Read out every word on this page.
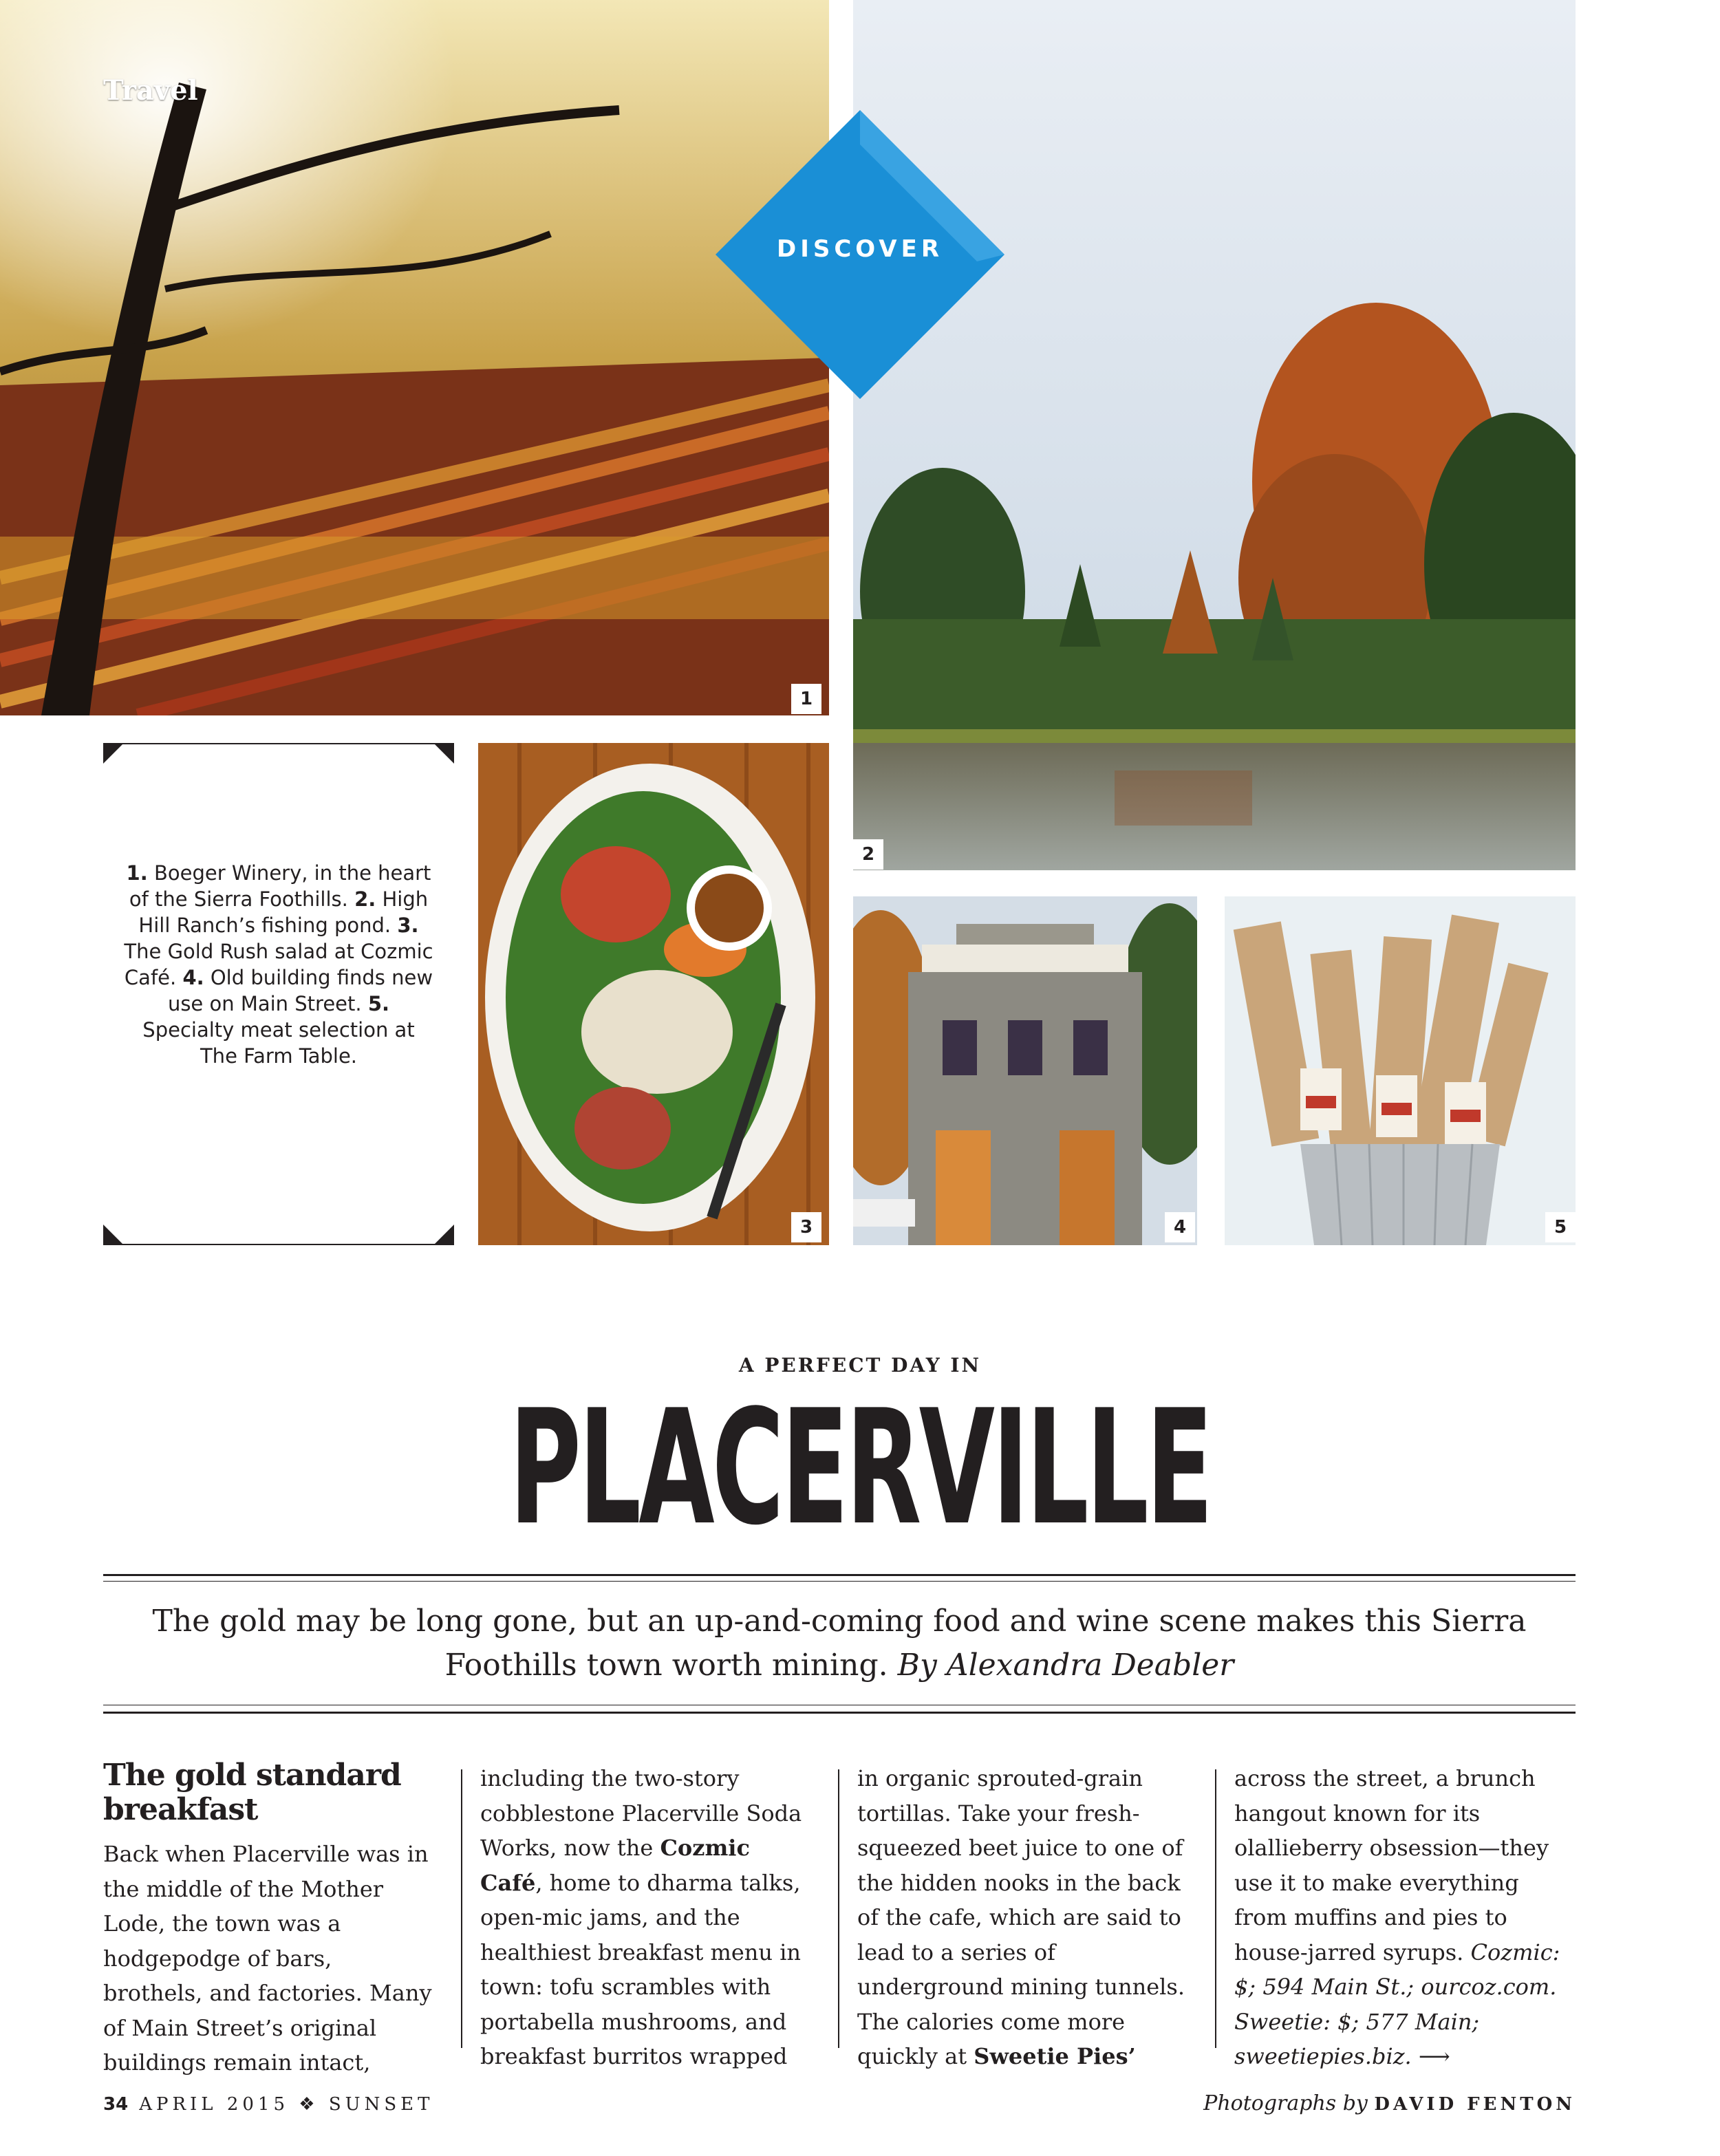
1
2
DISCOVER
Travel
1. Boeger Winery, in the heart of the Sierra Foothills. 2. High Hill Ranch’s fishing pond. 3. The Gold Rush salad at Cozmic Café. 4. Old building finds new use on Main Street. 5. Specialty meat selection at The Farm Table.
3	4	5
A PERFECT DAY IN
PLACERVILLE
The gold may be long gone, but an up-and-coming food and wine scene makes this Sierra Foothills town worth mining. By Alexandra Deabler
The gold standard breakfast

Back when Placerville was in the middle of the Mother Lode, the town was a hodgepodge of bars, brothels, and factories. Many of Main Street’s original buildings remain intact,

including the two-story cobblestone Placerville Soda Works, now the Cozmic Café, home to dharma talks, open-mic jams, and the healthiest breakfast menu in town: tofu scrambles with portabella mushrooms, and breakfast burritos wrapped

in organic sprouted-grain tortillas. Take your fresh-squeezed beet juice to one of the hidden nooks in the back of the cafe, which are said to lead to a series of underground mining tunnels. The calories come more quickly at Sweetie Pies’

across the street, a brunch hangout known for its olallieberry obsession—they use it to make everything from muffins and pies to house-jarred syrups. Cozmic: $; 594 Main St.; ourcoz.com. Sweetie: $; 577 Main; sweetiepies.biz. ⟶

34 APRIL 2015 ❖ SUNSET	Photographs by DAVID FENTON
